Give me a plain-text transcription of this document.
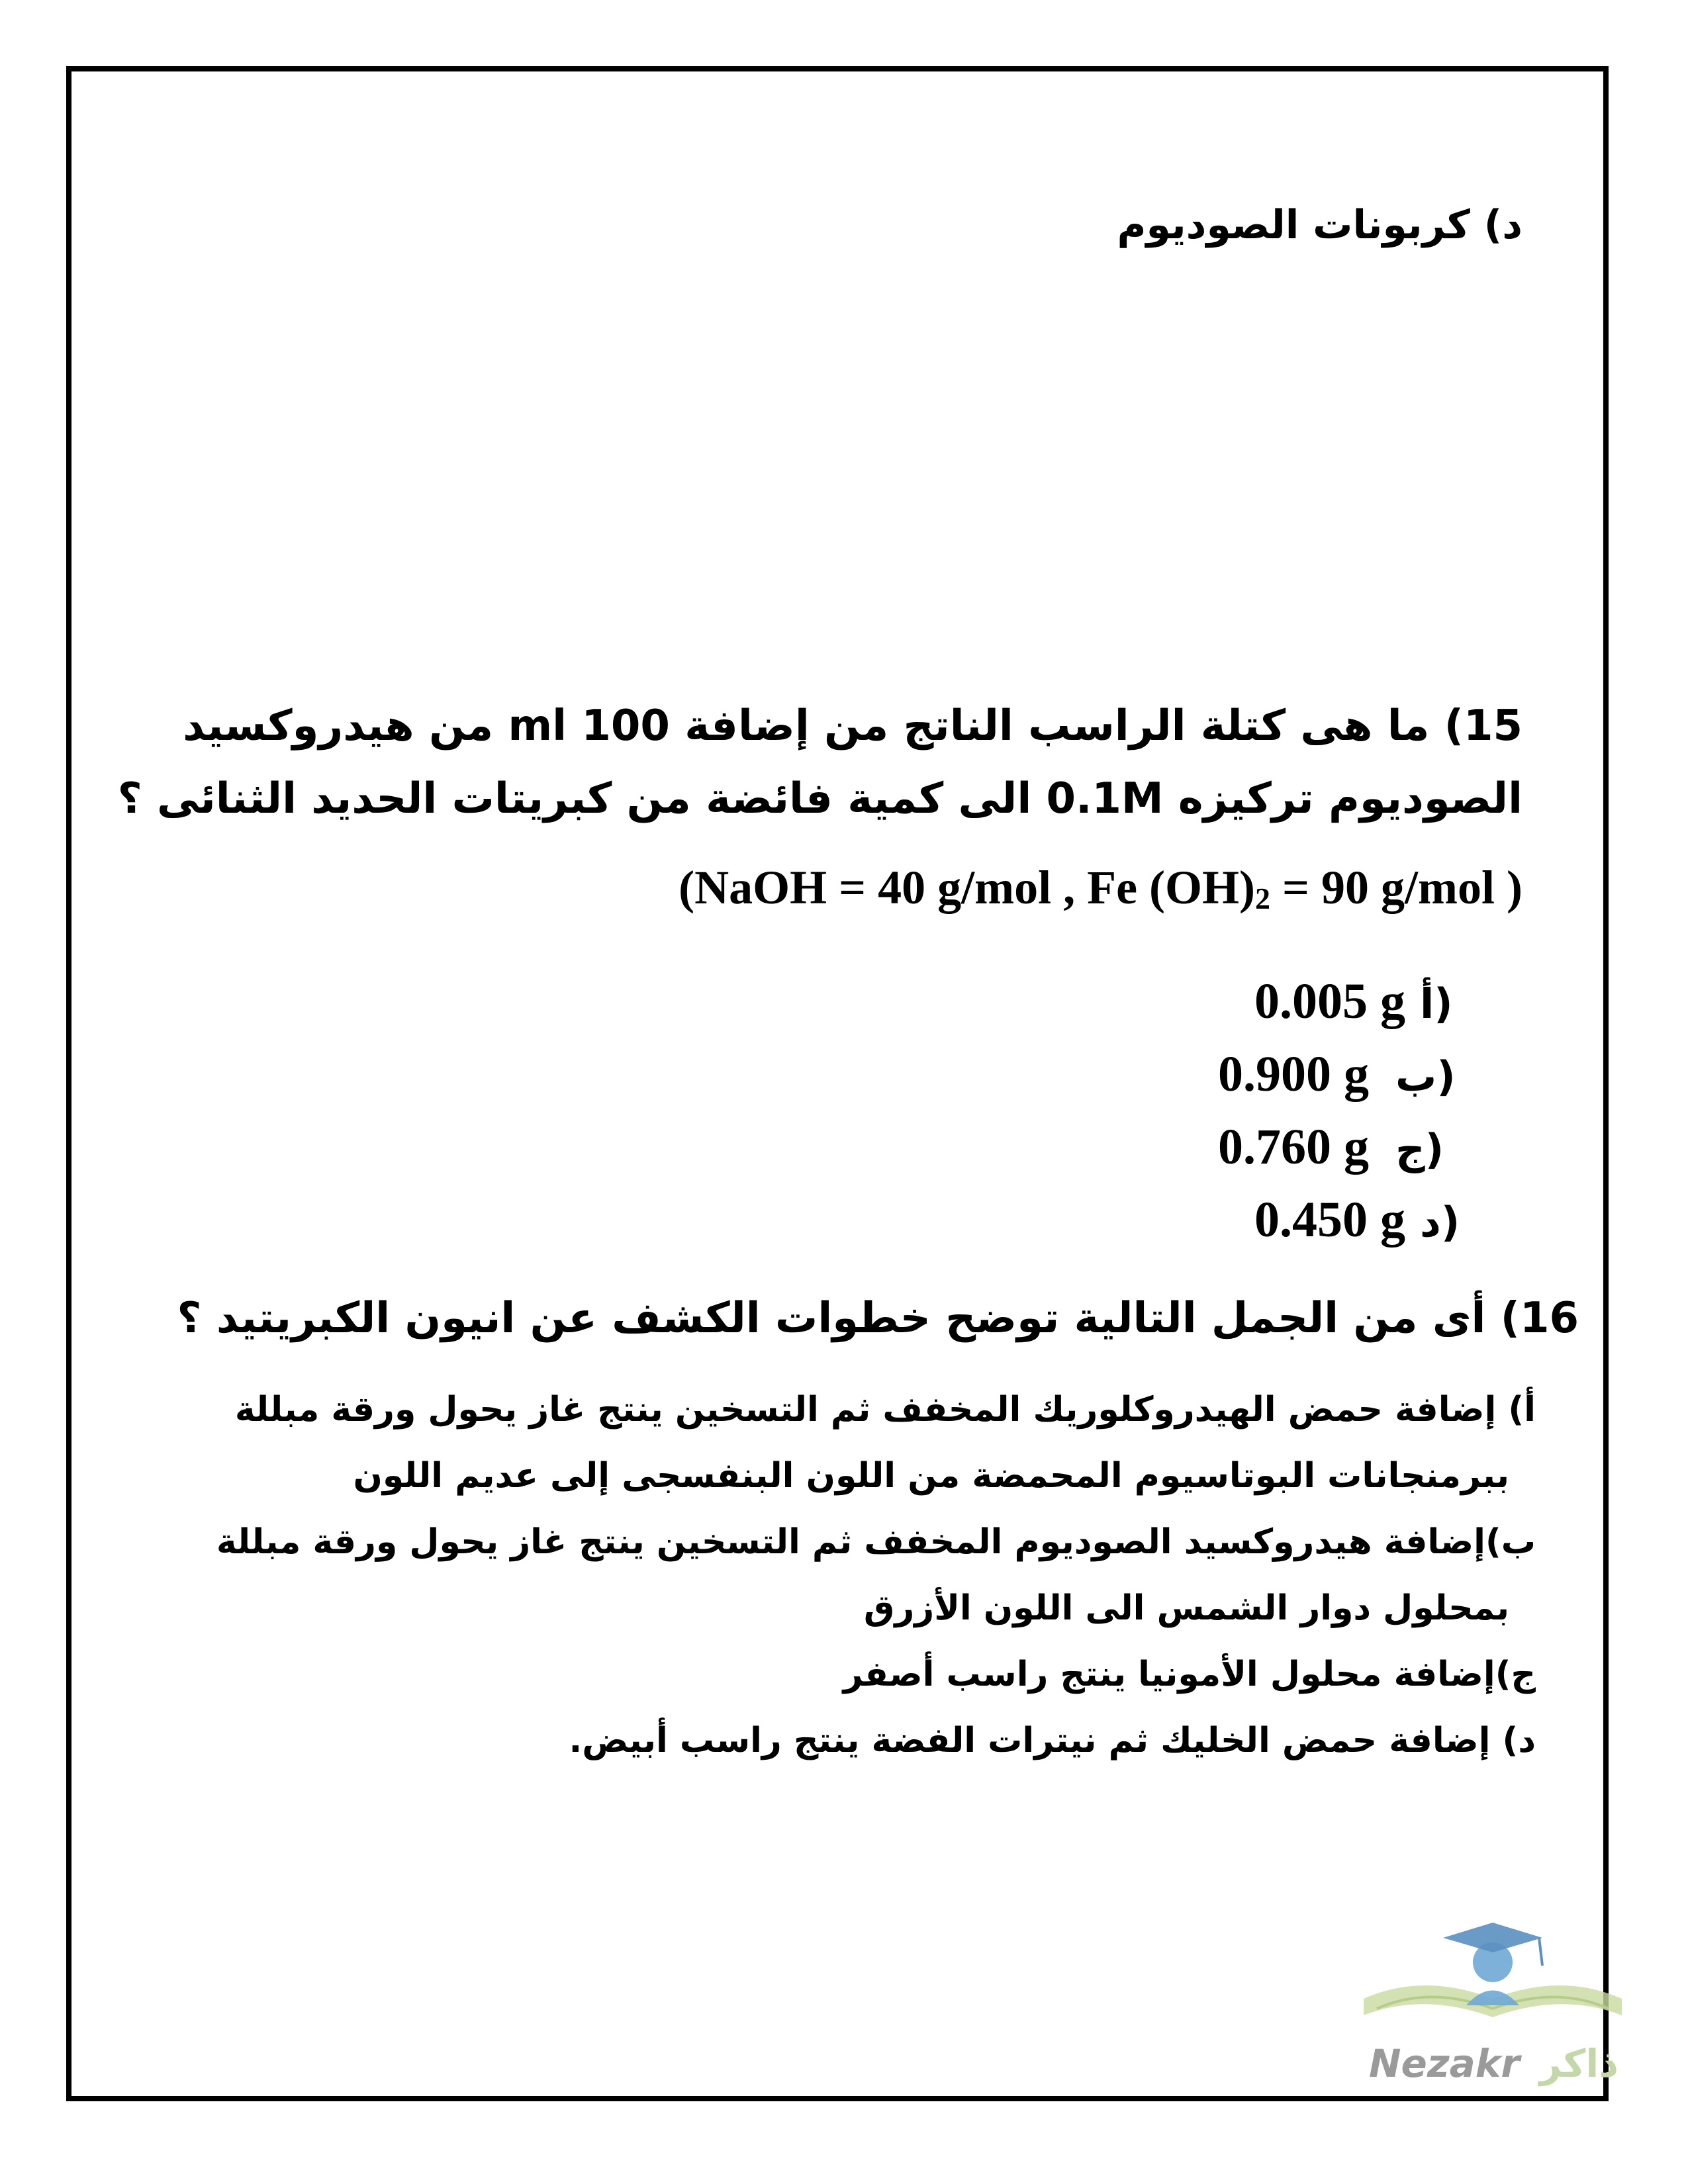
د) كربونات الصوديوم
15) ما هى كتلة الراسب الناتج من إضافة 100 ml من هيدروكسيد
الصوديوم تركيزه 0.1M الى كمية فائضة من كبريتات الحديد الثنائى ؟
(NaOH = 40 g/mol , Fe $(OH)_2 = 90$ g/mol )
0.005 g أ)
0.900 g ب)
0.760 g ج)
0.450 g د)
16) أى من الجمل التالية توضح خطوات الكشف عن انيون الكبريتيد ؟
أ) إضافة حمض الهيدروكلوريك المخفف ثم التسخين ينتج غاز يحول ورقة مبللة
ببرمنجانات البوتاسيوم المحمضة من اللون البنفسجى إلى عديم اللون
ب)إضافة هيدروكسيد الصوديوم المخفف ثم التسخين ينتج غاز يحول ورقة مبللة
بمحلول دوار الشمس الى اللون الأزرق
ج)إضافة محلول الأمونيا ينتج راسب أصفر
د) إضافة حمض الخليك ثم نيترات الفضة ينتج راسب أبيض.
Nezakr ذاكر
